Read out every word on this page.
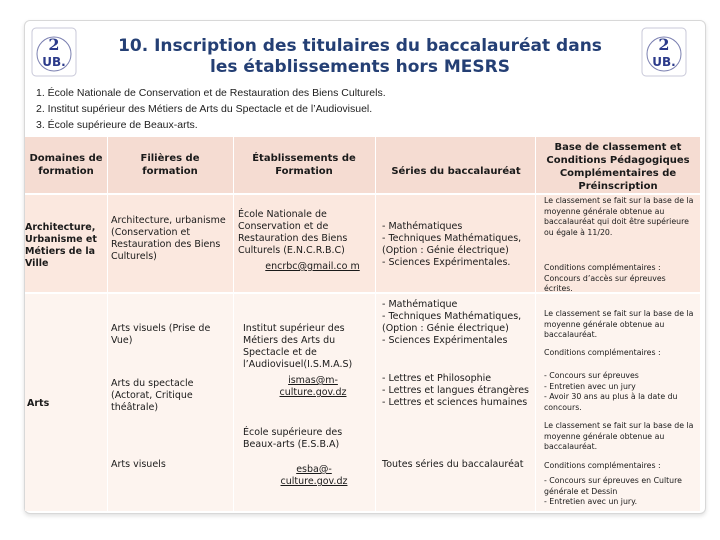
2
UB.
2
UB.
10. Inscription des titulaires du baccalauréat dans
les établissements hors MESRS
1. École Nationale de Conservation et de Restauration des Biens Culturels.
2. Institut supérieur des Métiers de Arts du Spectacle et de l’Audiovisuel.
3. École supérieure de Beaux-arts.
Domaines de formation
Filières de formation
Établissements de Formation	Séries du baccalauréat
Base de classement et Conditions Pédagogiques Complémentaires de Préinscription
Architecture, Urbanisme et Métiers de la Ville
Architecture, urbanisme (Conservation et Restauration des Biens Culturels)
École Nationale de Conservation et de Restauration des Biens Culturels (E.N.C.R.B.C)
encrbc@gmail.co m
- Mathématiques
- Techniques Mathématiques,
(Option : Génie électrique)
- Sciences Expérimentales.
Le classement se fait sur la base de la moyenne générale obtenue au baccalauréat qui doit être supérieure ou égale à 11/20.
Conditions complémentaires : Concours d’accès sur épreuves écrites.
Arts
Arts visuels (Prise de Vue)
Arts du spectacle (Actorat, Critique théâtrale)
Arts visuels
Institut supérieur des Métiers des Arts du Spectacle et de l’Audiovisuel(I.S.M.A.S)
ismas@m-culture.gov.dz
École supérieure des Beaux-arts (E.S.B.A)
esba@-culture.gov.dz
- Mathématique
- Techniques Mathématiques,
(Option : Génie électrique)
- Sciences Expérimentales
- Lettres et Philosophie
- Lettres et langues étrangères
- Lettres et sciences humaines
Toutes séries du baccalauréat
Le classement se fait sur la base de la moyenne générale obtenue au baccalauréat.
Conditions complémentaires :
- Concours sur épreuves
- Entretien avec un jury
- Avoir 30 ans au plus à la date du concours.
Le classement se fait sur la base de la moyenne générale obtenue au baccalauréat.
Conditions complémentaires :
- Concours sur épreuves en Culture générale et Dessin
- Entretien avec un jury.
